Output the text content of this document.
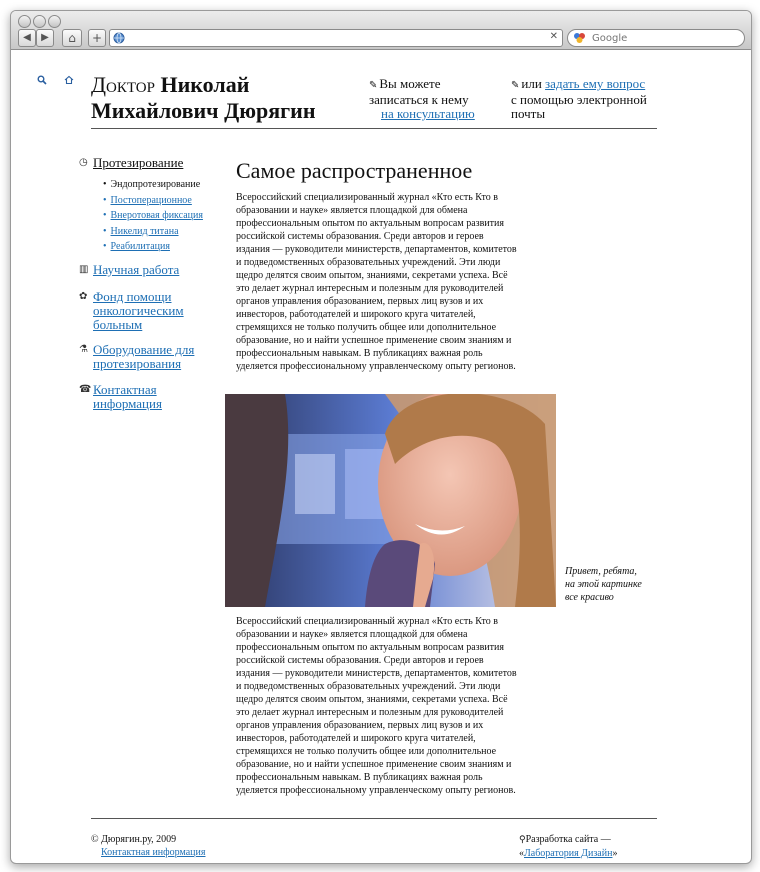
◀	▶	⌂	+	✕
Google
Доктор Николай
Михайлович Дюрягин
✎ Вы можете записаться к нему
на консультацию
✎ или задать ему вопрос с помощью электронной почты
◷ Протезирование
• Эндопротезирование
• Постоперационное
• Внеротовая фиксация
• Никелид титана
• Реабилитация
▥ Научная работа
✿ Фонд помощи онкологическим больным
⚗ Оборудование для протезирования
☎ Контактная информация
Самое распространенное
Всероссийский специализированный журнал «Кто есть Кто в образовании и науке» является площадкой для обмена профессиональным опытом по актуальным вопросам развития российской системы образования. Среди авторов и героев издания — руководители министерств, департаментов, комитетов и подведомственных образовательных учреждений. Эти люди щедро делятся своим опытом, знаниями, секретами успеха. Всё это делает журнал интересным и полезным для руководителей органов управления образованием, первых лиц вузов и их инвесторов, работодателей и широкого круга читателей, стремящихся не только получить общее или дополнительное образование, но и найти успешное применение своим знаниям и профессиональным навыкам. В публикациях важная роль уделяется профессиональному управленческому опыту регионов.
Привет, ребята, на этой картинке все красиво
Всероссийский специализированный журнал «Кто есть Кто в образовании и науке» является площадкой для обмена профессиональным опытом по актуальным вопросам развития российской системы образования. Среди авторов и героев издания — руководители министерств, департаментов, комитетов и подведомственных образовательных учреждений. Эти люди щедро делятся своим опытом, знаниями, секретами успеха. Всё это делает журнал интересным и полезным для руководителей органов управления образованием, первых лиц вузов и их инвесторов, работодателей и широкого круга читателей, стремящихся не только получить общее или дополнительное образование, но и найти успешное применение своим знаниям и профессиональным навыкам. В публикациях важная роль уделяется профессиональному управленческому опыту регионов.
© Дюрягин.ру, 2009
Контактная информация
⚲Разработка сайта —
«Лаборатория Дизайн»
